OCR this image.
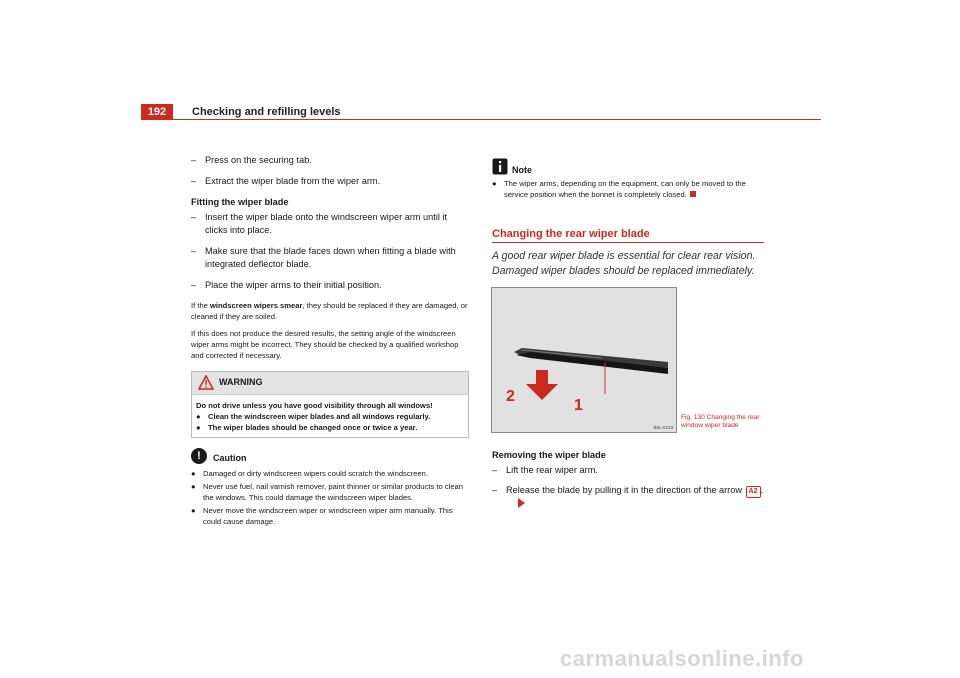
192	Checking and refilling levels
– Press on the securing tab.
– Extract the wiper blade from the wiper arm.
Fitting the wiper blade
– Insert the wiper blade onto the windscreen wiper arm until it clicks into place.
– Make sure that the blade faces down when fitting a blade with integrated deflector blade.
– Place the wiper arms to their initial position.

If the windscreen wipers smear, they should be replaced if they are damaged, or cleaned if they are soiled.

If this does not produce the desired results, the setting angle of the windscreen wiper arms might be incorrect. They should be checked by a qualified workshop and corrected if necessary.

WARNING
Do not drive unless you have good visibility through all windows!
● Clean the windscreen wiper blades and all windows regularly.
● The wiper blades should be changed once or twice a year.
!	Caution
● Damaged or dirty windscreen wipers could scratch the windscreen.
● Never use fuel, nail varnish remover, paint thinner or similar products to clean the windows. This could damage the windscreen wiper blades.
● Never move the windscreen wiper or windscreen wiper arm manually. This could cause damage.
Note
● The wiper arms, depending on the equipment, can only be moved to the service position when the bonnet is completely closed.
Changing the rear wiper blade
A good rear wiper blade is essential for clear rear vision. Damaged wiper blades should be replaced immediately.
2
1
B6L-0123
Fig. 130 Changing the rear window wiper blade
Removing the wiper blade
– Lift the rear wiper arm.
– Release the blade by pulling it in the direction of the arrow A2 .
carmanualsonline.info
